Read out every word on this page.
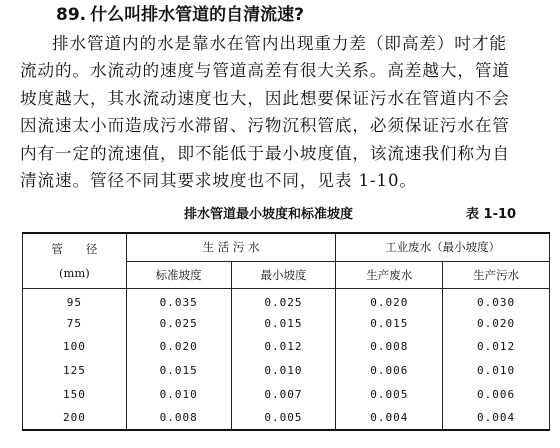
89. 什么叫排水管道的自清流速?
排水管道内的水是靠水在管内出现重力差（即高差）吋才能
流动的。水流动的速度与管道高差有很大关系。高差越大，管道
坡度越大，其水流动速度也大，因此想要保证污水在管道内不会
因流速太小而造成污水滞留、污物沉积管底，必须保证污水在管
内有一定的流速值，即不能低于最小坡度值，该流速我们称为自
清流速。管径不同其要求坡度也不同，见表 1-10。
排水管道最小坡度和标准坡度	表 1-10
管　　径
(mm)	生 活 污 水		工业废水（最小坡度）	
	标准坡度	最小坡度	生产废水	生产污水
95	0.035	0.025	0.020	0.030
75	0.025	0.015	0.015	0.020
100	0.020	0.012	0.008	0.012
125	0.015	0.010	0.006	0.010
150	0.010	0.007	0.005	0.006
200	0.008	0.005	0.004	0.004
